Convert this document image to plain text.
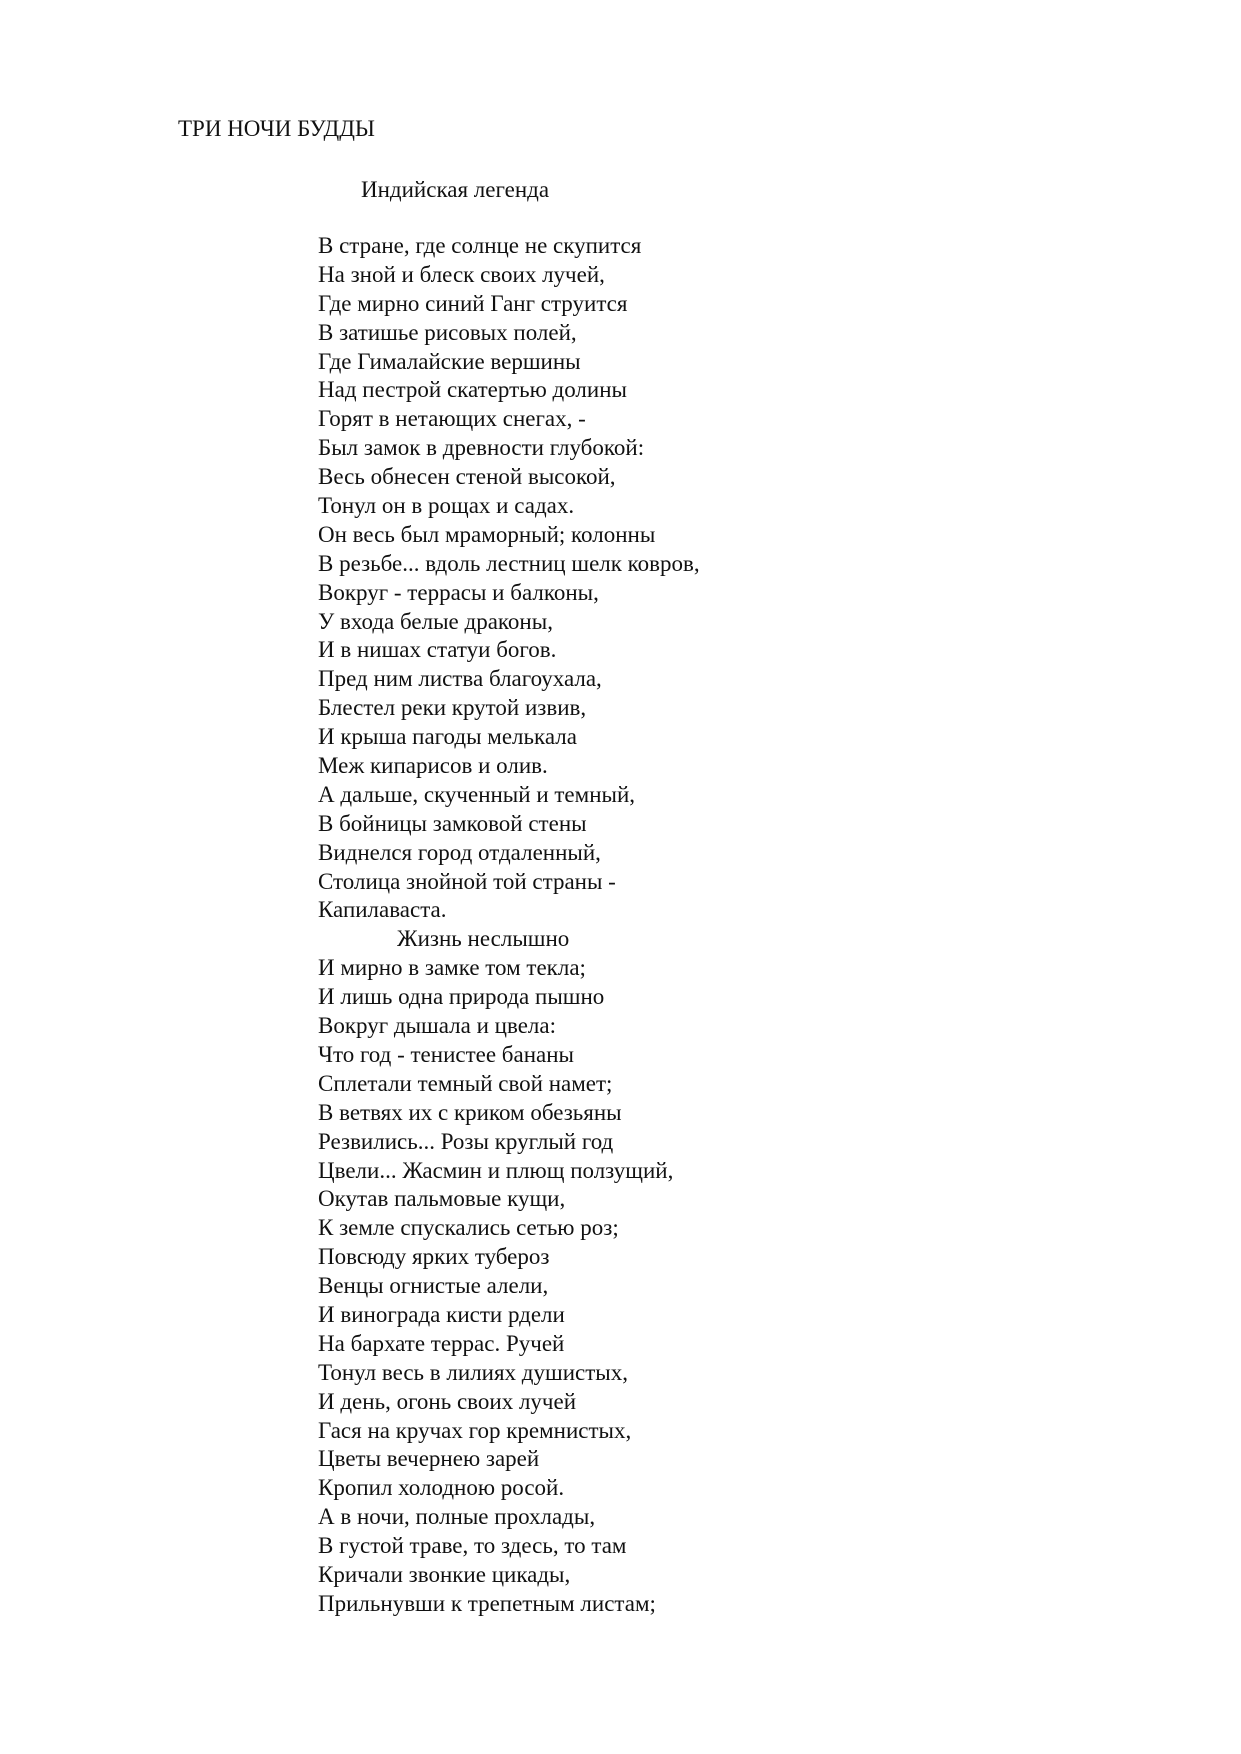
ТРИ НОЧИ БУДДЫ
Индийская легенда
В стране, где солнце не скупится
На зной и блеск своих лучей,
Где мирно синий Ганг струится
В затишье рисовых полей,
Где Гималайские вершины
Над пестрой скатертью долины
Горят в нетающих снегах, -
Был замок в древности глубокой:
Весь обнесен стеной высокой,
Тонул он в рощах и садах.
Он весь был мраморный; колонны
В резьбе... вдоль лестниц шелк ковров,
Вокруг - террасы и балконы,
У входа белые драконы,
И в нишах статуи богов.
Пред ним листва благоухала,
Блестел реки крутой извив,
И крыша пагоды мелькала
Меж кипарисов и олив.
А дальше, скученный и темный,
В бойницы замковой стены
Виднелся город отдаленный,
Столица знойной той страны -
Капилаваста.
Жизнь неслышно
И мирно в замке том текла;
И лишь одна природа пышно
Вокруг дышала и цвела:
Что год - тенистее бананы
Сплетали темный свой намет;
В ветвях их с криком обезьяны
Резвились... Розы круглый год
Цвели... Жасмин и плющ ползущий,
Окутав пальмовые кущи,
К земле спускались сетью роз;
Повсюду ярких тубероз
Венцы огнистые алели,
И винограда кисти рдели
На бархате террас. Ручей
Тонул весь в лилиях душистых,
И день, огонь своих лучей
Гася на кручах гор кремнистых,
Цветы вечернею зарей
Кропил холодною росой.
А в ночи, полные прохлады,
В густой траве, то здесь, то там
Кричали звонкие цикады,
Прильнувши к трепетным листам;
